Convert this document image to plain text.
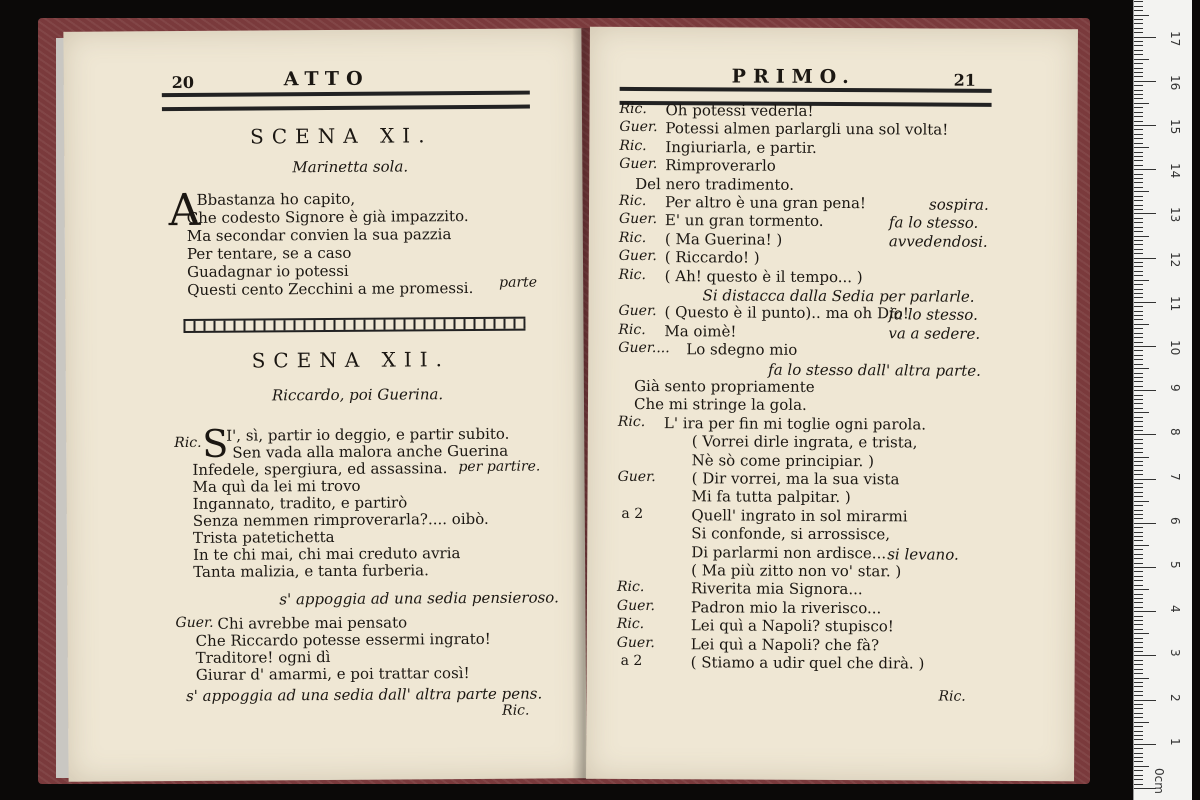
20	ATTO
SCENA XI.
Marinetta sola.
A
Bbastanza ho capito,
Che codesto Signore è già impazzito.
Ma secondar convien la sua pazzia
Per tentare, se a caso
Guadagnar io potessi
Questi cento Zecchini a me promessi. parte
SCENA XII.
Riccardo, poi Guerina.
Ric. S
I', sì, partir io deggio, e partir subito.
Sen vada alla malora anche Guerina
Infedele, spergiura, ed assassina.
Ma quì da lei mi trovo
Ingannato, tradito, e partirò
Senza nemmen rimproverarla?.... oibò.
Trista patetichetta
In te chi mai, chi mai creduto avria
Tanta malizia, e tanta furberia.
per partire.
s' appoggia ad una sedia pensieroso.
Guer. Chi avrebbe mai pensato
Che Riccardo potesse essermi ingrato!
Traditore! ogni dì
Giurar d' amarmi, e poi trattar così!
s' appoggia ad una sedia dall' altra parte pens.
Ric.
PRIMO.	21
Ric. Oh potessi vederla!
Guer. Potessi almen parlargli una sol volta!
Ric. Ingiuriarla, e partir.
Guer. Rimproverarlo
Del nero tradimento.
Ric. Per altro è una gran pena!	sospira.
Guer. E' un gran tormento.	fa lo stesso.
Ric. ( Ma Guerina! )	avvedendosi.
Guer. ( Riccardo! )
Ric. ( Ah! questo è il tempo... )
Si distacca dalla Sedia per parlarle.
Guer. ( Questo è il punto).. ma oh Dio!
fa lo stesso.
Ric. Ma oimè!	va a sedere.
Guer.... Lo sdegno mio
fa lo stesso dall' altra parte.
Già sento propriamente
Che mi stringe la gola.
Ric. L' ira per fin mi toglie ogni parola.
( Vorrei dirle ingrata, e trista,
Nè sò come principiar. )
Guer. ( Dir vorrei, ma la sua vista
Mi fa tutta palpitar. )
a 2	Quell' ingrato in sol mirarmi
Si confonde, si arrossisce,
Di parlarmi non ardisce... si levano.
( Ma più zitto non vo' star. )
Ric.	Riverita mia Signora...
Guer. Padron mio la riverisco...
Ric.	Lei quì a Napoli? stupisco!
Guer. Lei quì a Napoli? che fà?
a 2	( Stiamo a udir quel che dirà. )
Ric.
17
16
15
14
13
12
11
10
9
8
7
6
5
4
3
2
1
0cm
